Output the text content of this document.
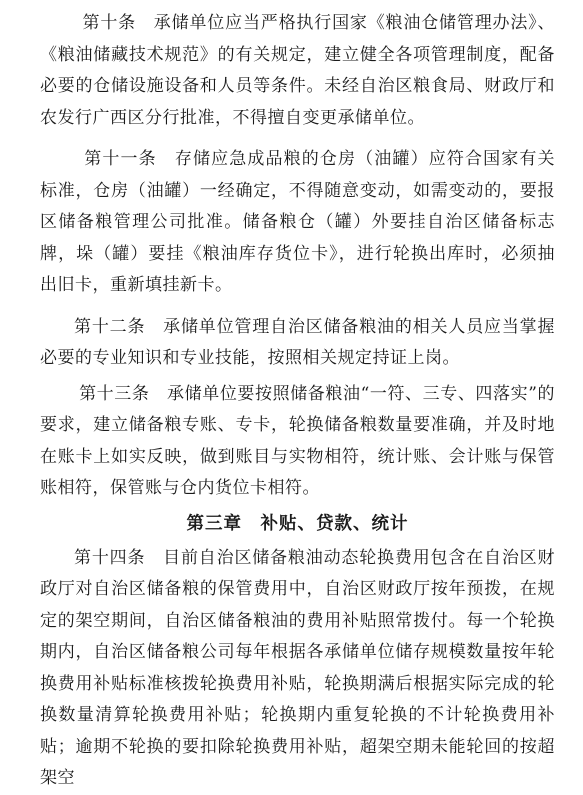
第十条　承储单位应当严格执行国家《粮油仓储管理办法》、《粮油储藏技术规范》的有关规定，建立健全各项管理制度，配备必要的仓储设施设备和人员等条件。未经自治区粮食局、财政厅和农发行广西区分行批准，不得擅自变更承储单位。

第十一条　存储应急成品粮的仓房（油罐）应符合国家有关标准，仓房（油罐）一经确定，不得随意变动，如需变动的，要报区储备粮管理公司批准。储备粮仓（罐）外要挂自治区储备标志牌，垛（罐）要挂《粮油库存货位卡》，进行轮换出库时，必须抽出旧卡，重新填挂新卡。

第十二条　承储单位管理自治区储备粮油的相关人员应当掌握必要的专业知识和专业技能，按照相关规定持证上岗。

第十三条　承储单位要按照储备粮油“一符、三专、四落实”的要求，建立储备粮专账、专卡，轮换储备粮数量要准确，并及时地在账卡上如实反映，做到账目与实物相符，统计账、会计账与保管账相符，保管账与仓内货位卡相符。

第三章　补贴、贷款、统计

第十四条　目前自治区储备粮油动态轮换费用包含在自治区财政厅对自治区储备粮的保管费用中，自治区财政厅按年预拨，在规定的架空期间，自治区储备粮油的费用补贴照常拨付。每一个轮换期内，自治区储备粮公司每年根据各承储单位储存规模数量按年轮换费用补贴标准核拨轮换费用补贴，轮换期满后根据实际完成的轮换数量清算轮换费用补贴；轮换期内重复轮换的不计轮换费用补贴；逾期不轮换的要扣除轮换费用补贴，超架空期未能轮回的按超架空
